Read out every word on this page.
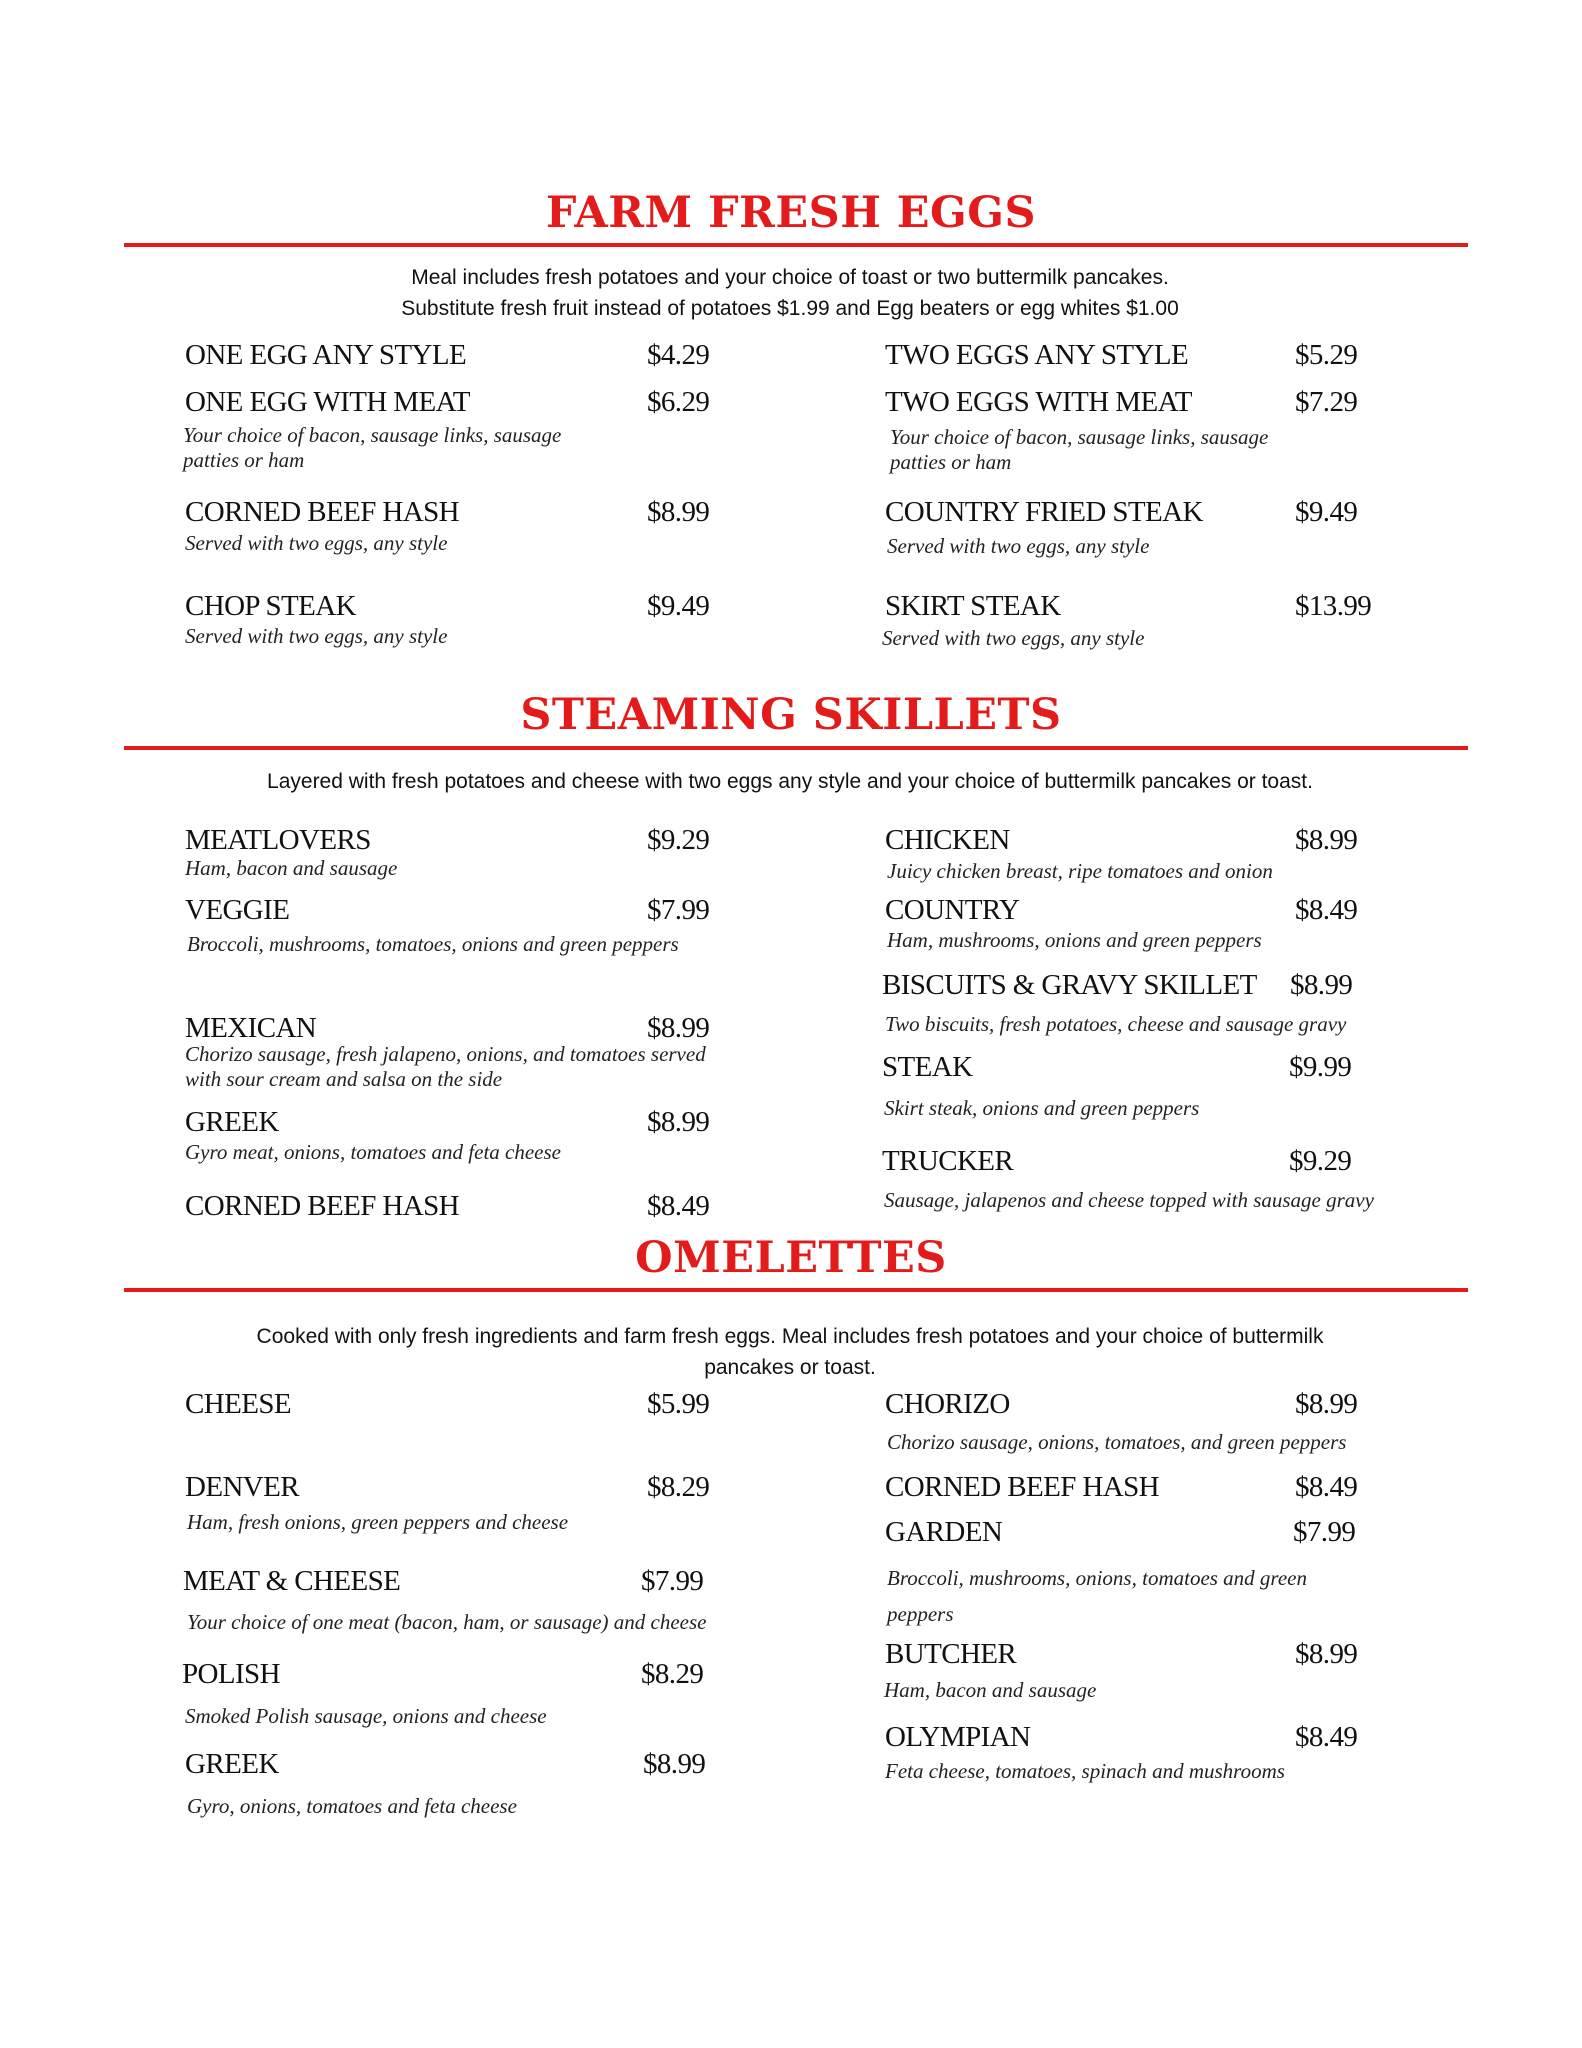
FARM FRESH EGGS

Meal includes fresh potatoes and your choice of toast or two buttermilk pancakes.

Substitute fresh fruit instead of potatoes $1.99 and Egg beaters or egg whites $1.00

ONE EGG ANY STYLE	$4.29
ONE EGG WITH MEAT	$6.29
Your choice of bacon, sausage links, sausage patties or ham
CORNED BEEF HASH	$8.99
Served with two eggs, any style
CHOP STEAK	$9.49
Served with two eggs, any style
TWO EGGS ANY STYLE	$5.29
TWO EGGS WITH MEAT	$7.29
Your choice of bacon, sausage links, sausage patties or ham
COUNTRY FRIED STEAK	$9.49
Served with two eggs, any style
SKIRT STEAK	$13.99
Served with two eggs, any style
STEAMING SKILLETS

Layered with fresh potatoes and cheese with two eggs any style and your choice of buttermilk pancakes or toast.

MEATLOVERS	$9.29
Ham, bacon and sausage
VEGGIE	$7.99
Broccoli, mushrooms, tomatoes, onions and green peppers
MEXICAN	$8.99
Chorizo sausage, fresh jalapeno, onions, and tomatoes served with sour cream and salsa on the side
GREEK	$8.99
Gyro meat, onions, tomatoes and feta cheese
CORNED BEEF HASH	$8.49
CHICKEN	$8.99
Juicy chicken breast, ripe tomatoes and onion
COUNTRY	$8.49
Ham, mushrooms, onions and green peppers
BISCUITS & GRAVY SKILLET $8.99
Two biscuits, fresh potatoes, cheese and sausage gravy
STEAK	$9.99
Skirt steak, onions and green peppers
TRUCKER	$9.29
Sausage, jalapenos and cheese topped with sausage gravy
OMELETTES

Cooked with only fresh ingredients and farm fresh eggs. Meal includes fresh potatoes and your choice of buttermilk

pancakes or toast.

CHEESE	$5.99
DENVER	$8.29
Ham, fresh onions, green peppers and cheese
MEAT & CHEESE	$7.99
Your choice of one meat (bacon, ham, or sausage) and cheese
POLISH	$8.29
Smoked Polish sausage, onions and cheese
GREEK	$8.99
Gyro, onions, tomatoes and feta cheese
CHORIZO	$8.99
Chorizo sausage, onions, tomatoes, and green peppers
CORNED BEEF HASH	$8.49
GARDEN	$7.99
Broccoli, mushrooms, onions, tomatoes and green peppers
BUTCHER	$8.99
Ham, bacon and sausage
OLYMPIAN	$8.49
Feta cheese, tomatoes, spinach and mushrooms
